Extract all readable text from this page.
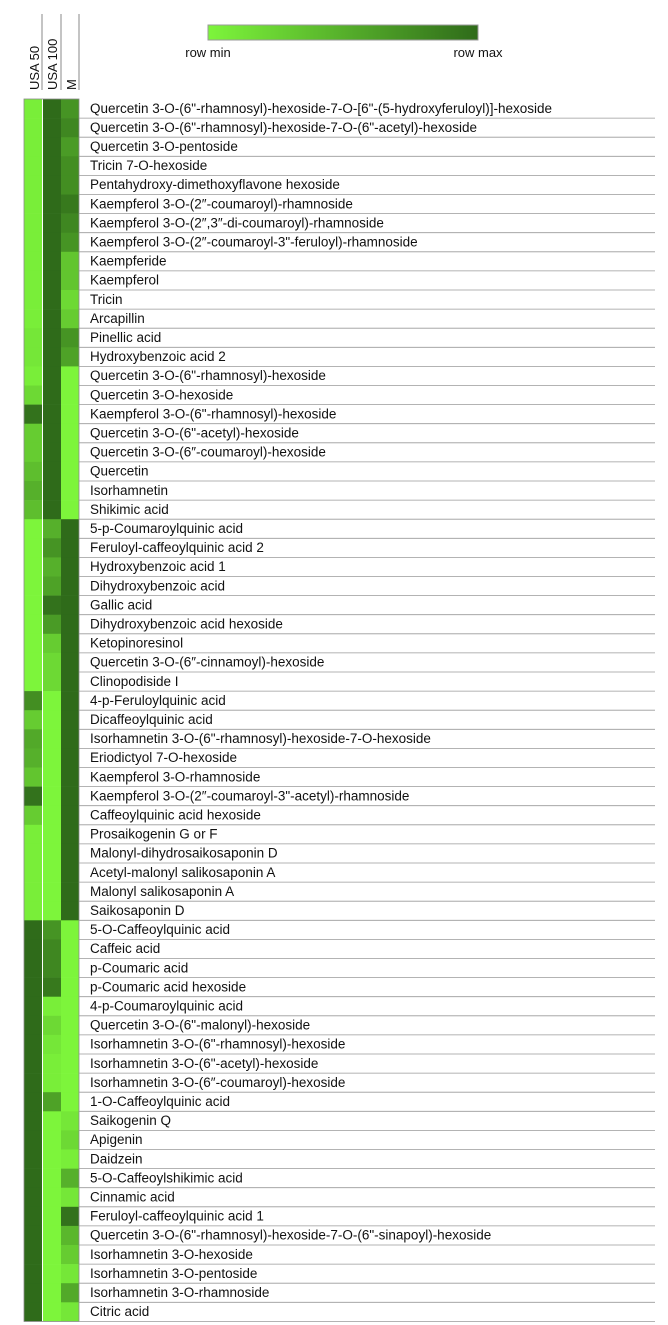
row min	row max
USA 50 USA 100 M
Quercetin 3-O-(6"-rhamnosyl)-hexoside-7-O-[6"-(5-hydroxyferuloyl)]-hexoside
Quercetin 3-O-(6"-rhamnosyl)-hexoside-7-O-(6"-acetyl)-hexoside
Quercetin 3-O-pentoside
Tricin 7-O-hexoside
Pentahydroxy-dimethoxyflavone hexoside
Kaempferol 3-O-(2″-coumaroyl)-rhamnoside
Kaempferol 3-O-(2″,3″-di-coumaroyl)-rhamnoside
Kaempferol 3-O-(2″-coumaroyl-3"-feruloyl)-rhamnoside
Kaempferide
Kaempferol
Tricin
Arcapillin
Pinellic acid
Hydroxybenzoic acid 2
Quercetin 3-O-(6"-rhamnosyl)-hexoside
Quercetin 3-O-hexoside
Kaempferol 3-O-(6"-rhamnosyl)-hexoside
Quercetin 3-O-(6"-acetyl)-hexoside
Quercetin 3-O-(6″-coumaroyl)-hexoside
Quercetin
Isorhamnetin
Shikimic acid
5-p-Coumaroylquinic acid
Feruloyl-caffeoylquinic acid 2
Hydroxybenzoic acid 1
Dihydroxybenzoic acid
Gallic acid
Dihydroxybenzoic acid hexoside
Ketopinoresinol
Quercetin 3-O-(6″-cinnamoyl)-hexoside
Clinopodiside I
4-p-Feruloylquinic acid
Dicaffeoylquinic acid
Isorhamnetin 3-O-(6"-rhamnosyl)-hexoside-7-O-hexoside
Eriodictyol 7-O-hexoside
Kaempferol 3-O-rhamnoside
Kaempferol 3-O-(2″-coumaroyl-3"-acetyl)-rhamnoside
Caffeoylquinic acid hexoside
Prosaikogenin G or F
Malonyl-dihydrosaikosaponin D
Acetyl-malonyl salikosaponin A
Malonyl salikosaponin A
Saikosaponin D
5-O-Caffeoylquinic acid
Caffeic acid
p-Coumaric acid
p-Coumaric acid hexoside
4-p-Coumaroylquinic acid
Quercetin 3-O-(6"-malonyl)-hexoside
Isorhamnetin 3-O-(6"-rhamnosyl)-hexoside
Isorhamnetin 3-O-(6"-acetyl)-hexoside
Isorhamnetin 3-O-(6″-coumaroyl)-hexoside
1-O-Caffeoylquinic acid
Saikogenin Q
Apigenin
Daidzein
5-O-Caffeoylshikimic acid
Cinnamic acid
Feruloyl-caffeoylquinic acid 1
Quercetin 3-O-(6"-rhamnosyl)-hexoside-7-O-(6"-sinapoyl)-hexoside
Isorhamnetin 3-O-hexoside
Isorhamnetin 3-O-pentoside
Isorhamnetin 3-O-rhamnoside
Citric acid
